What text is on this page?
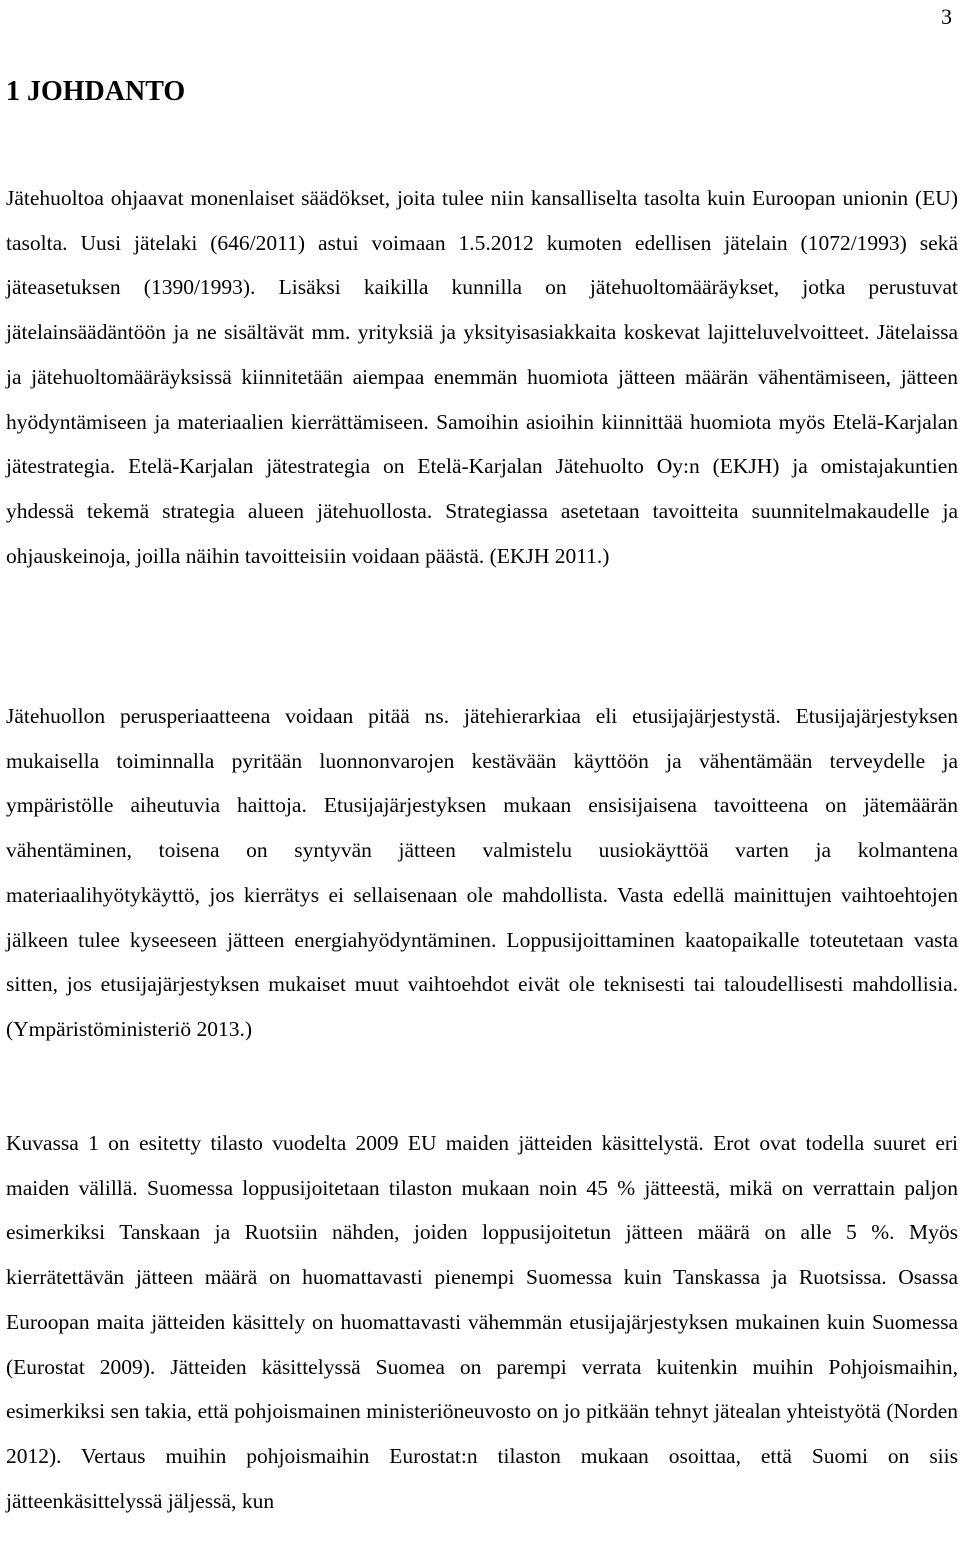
3
1 JOHDANTO

Jätehuoltoa ohjaavat monenlaiset säädökset, joita tulee niin kansalliselta tasolta kuin Euroopan unionin (EU) tasolta. Uusi jätelaki (646/2011) astui voimaan 1.5.2012 kumoten edellisen jätelain (1072/1993) sekä jäteasetuksen (1390/1993). Lisäksi kaikilla kunnilla on jätehuoltomääräykset, jotka perustuvat jätelainsäädäntöön ja ne sisältävät mm. yrityksiä ja yksityisasiakkaita koskevat lajitteluvelvoitteet. Jätelaissa ja jätehuoltomääräyksissä kiinnitetään aiempaa enemmän huomiota jätteen määrän vähentämiseen, jätteen hyödyntämiseen ja materiaalien kierrättämiseen. Samoihin asioihin kiinnittää huomiota myös Etelä-Karjalan jätestrategia. Etelä-Karjalan jätestrategia on Etelä-Karjalan Jätehuolto Oy:n (EKJH) ja omistajakuntien yhdessä tekemä strategia alueen jätehuollosta. Strategiassa asetetaan tavoitteita suunnitelmakaudelle ja ohjauskeinoja, joilla näihin tavoitteisiin voidaan päästä. (EKJH 2011.)

Jätehuollon perusperiaatteena voidaan pitää ns. jätehierarkiaa eli etusijajärjestystä. Etusijajärjestyksen mukaisella toiminnalla pyritään luonnonvarojen kestävään käyttöön ja vähentämään terveydelle ja ympäristölle aiheutuvia haittoja. Etusijajärjestyksen mukaan ensisijaisena tavoitteena on jätemäärän vähentäminen, toisena on syntyvän jätteen valmistelu uusiokäyttöä varten ja kolmantena materiaalihyötykäyttö, jos kierrätys ei sellaisenaan ole mahdollista. Vasta edellä mainittujen vaihtoehtojen jälkeen tulee kyseeseen jätteen energiahyödyntäminen. Loppusijoittaminen kaatopaikalle toteutetaan vasta sitten, jos etusijajärjestyksen mukaiset muut vaihtoehdot eivät ole teknisesti tai taloudellisesti mahdollisia. (Ympäristöministeriö 2013.)

Kuvassa 1 on esitetty tilasto vuodelta 2009 EU maiden jätteiden käsittelystä. Erot ovat todella suuret eri maiden välillä. Suomessa loppusijoitetaan tilaston mukaan noin 45 % jätteestä, mikä on verrattain paljon esimerkiksi Tanskaan ja Ruotsiin nähden, joiden loppusijoitetun jätteen määrä on alle 5 %. Myös kierrätettävän jätteen määrä on huomattavasti pienempi Suomessa kuin Tanskassa ja Ruotsissa. Osassa Euroopan maita jätteiden käsittely on huomattavasti vähemmän etusijajärjestyksen mukainen kuin Suomessa (Eurostat 2009). Jätteiden käsittelyssä Suomea on parempi verrata kuitenkin muihin Pohjoismaihin, esimerkiksi sen takia, että pohjoismainen ministeriöneuvosto on jo pitkään tehnyt jätealan yhteistyötä (Norden 2012). Vertaus muihin pohjoismaihin Eurostat:n tilaston mukaan osoittaa, että Suomi on siis jätteenkäsittelyssä jäljessä, kun
